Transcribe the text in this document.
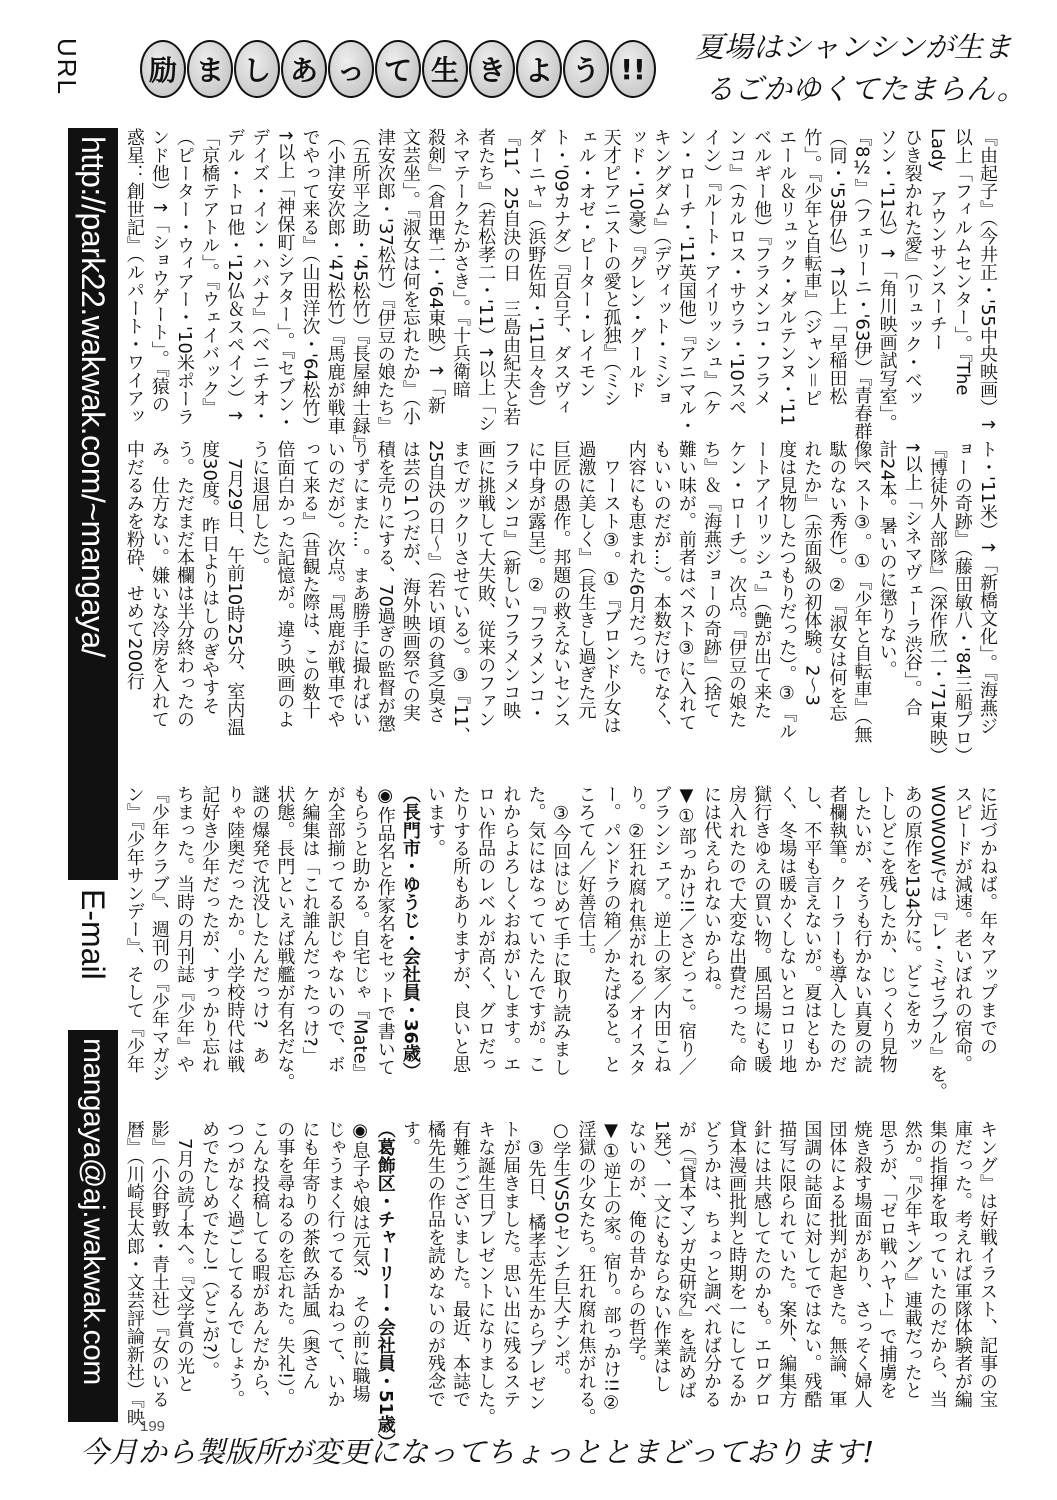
URL
http://park22.wakwak.com/~mangaya/
E-mail
mangaya@aj.wakwak.com
励 ま し あ っ て 生 き よ う !!
夏場はシャンシンが生ま
るごかゆくてたまらん。
『由起子』（今井正・'55中央映画）↑
以上「フィルムセンター」。『The
Lady　アウンサンスーチー
ひき裂かれた愛』（リュック・ベッ
ソン・'11仏）↑「角川映画試写室」。
『8½』（フェリーニ・'63伊）『青春群像』
（同・'53伊仏）↑以上「早稲田松
竹」。『少年と自転車』（ジャン＝ピ
エール＆リュック・ダルテンヌ・'11
ベルギー他）『フラメンコ・フラメ
ンコ』（カルロス・サウラ・'10スペ
イン）『ルート・アイリッシュ』（ケ
ン・ローチ・'11英国他）『アニマル・
キングダム』（デヴィット・ミショ
ッド・'10豪）『グレン・グールド
天才ピアニストの愛と孤独』（ミシ
ェル・オゼ・ピーター・レイモン
ト・'09カナダ）『百合子、ダスヴィ
ダーニャ』（浜野佐知・'11旦々舎）
『11、25自決の日　三島由紀夫と若
者たち』（若松孝二・'11）↑以上「シ
ネマテークたかさき」。『十兵衛暗
殺剣』（倉田準二・'64東映）↑「新
文芸坐」。『淑女は何を忘れたか』（小
津安次郎・'37松竹）『伊豆の娘たち』
（五所平之助・'45松竹）『長屋紳士録』
（小津安次郎・'47松竹）『馬鹿が戦車
でやって来る』（山田洋次・'64松竹）
↑以上「神保町シアター」。『セブン・
デイズ・イン・ハバナ』（ベニチオ・
デル・トロ他・'12仏＆スペイン）↑
「京橋テアトル」。『ウェイバック』
（ピーター・ウィアー・'10米ポーラ
ンド他）↑「ショウゲート」。『猿の
惑星：創世記』（ルパート・ワイアッ
ト・'11米）↑「新橋文化」。『海燕ジ
ョーの奇跡』（藤田敏八・'84三船プロ）
『博徒外人部隊』（深作欣二・'71東映）
↑以上「シネマヴェーラ渋谷」。合
計24本。暑いのに懲りない。
　ベスト③。①『少年と自転車』（無
駄のない秀作）。②『淑女は何を忘
れたか』（赤面級の初体験。2～3
度は見物したつもりだった）。③『ル
ートアイリッシュ』（艶が出て来た
ケン・ローチ）。次点。『伊豆の娘た
ち』＆『海燕ジョーの奇跡』（捨て
難い味が。前者はベスト③に入れて
もいいのだが…）。本数だけでなく、
内容にも恵まれた6月だった。
　ワースト③。①『ブロンド少女は
過激に美しく』（長生きし過ぎた元
巨匠の愚作。邦題の救えないセンス
に中身が露呈）。②『フラメンコ・
フラメンコ』（新しいフラメンコ映
画に挑戦して大失敗、従来のファン
までガックリさせている）。③『11、
25自決の日～』（若い頃の貧乏臭さ
は芸の1つだが、海外映画祭での実
積を売りにする、70過ぎの監督が懲
りずにまた…。まあ勝手に撮ればい
いのだが）。次点。『馬鹿が戦車でや
って来る』（昔観た際は、この数十
倍面白かった記憶が。違う映画のよ
うに退屈した）。
　7月29日、午前10時25分、室内温
度30度。昨日よりはしのぎやすそ
う。ただまだ本欄は半分終わったの
み。仕方ない。嫌いな冷房を入れて
中だるみを粉砕、せめて200行
に近づかねば。年々アップまでの
スピードが減速。老いぼれの宿命。
WOWOWでは『レ・ミゼラブル』を。
あの原作を134分に。どこをカッ
トしどこを残したか、じっくり見物
したいが、そうも行かない真夏の読
者欄執筆。クーラーも導入したのだ
し、不平も言えないが。夏はともか
く、冬場は暖かくしないとコロリ地
獄行きゆえの買い物。風呂場にも暖
房入れたので大変な出費だった。命
には代えられないからね。
▼①部っかけ!!／さどっこ。宿り／
ブランシェア。逆上の家／内田こね
り。②狂れ腐れ焦がれる／オイスタ
ー。パンドラの箱／かたぱると。と
ころてん／好善信士。
　③今回はじめて手に取り読みまし
た。気にはなっていたんですが。こ
れからよろしくおねがいします。エ
ロい作品のレベルが高く、グロだっ
たりする所もありますが、良いと思
います。
（長門市・ゆうじ・会社員・36歳）
◉作品名と作家名をセットで書いて
もらうと助かる。自宅じゃ『Mate』
が全部揃ってる訳じゃないので、ボ
ケ編集は「これ誰んだったっけ?」
状態。長門といえば戦艦が有名だな。
謎の爆発で沈没したんだっけ?　あ
りゃ陸奥だったか。小学校時代は戦
記好き少年だったが、すっかり忘れ
ちまった。当時の月刊誌『少年』や
『少年クラブ』、週刊の『少年マガジ
ン』『少年サンデー』、そして『少年
キング』は好戦イラスト、記事の宝
庫だった。考えれば軍隊体験者が編
集の指揮を取っていたのだから、当
然か。『少年キング』連載だったと
思うが、「ゼロ戦ハヤト」で捕虜を
焼き殺す場面があり、さっそく婦人
団体による批判が起きた。無論、軍
国調の誌面に対してではない。残酷
描写に限られていた。案外、編集方
針には共感してたのかも。エログロ
貸本漫画批判と時期を一にしてるか
どうかは、ちょっと調べれば分かる
が（『貸本マンガ史研究』を読めば
1発）、一文にもならない作業はし
ないのが、俺の昔からの哲学。
▼①逆上の家。宿り。部っかけ!!②
淫獄の少女たち。狂れ腐れ焦がれる。
○学生VS50センチ巨大チンポ。
　③先日、橘孝志先生からプレゼン
トが届きました。思い出に残るステ
キな誕生日プレゼントになりました。
有難うございました。最近、本誌で
橘先生の作品を読めないのが残念で
す。
（葛飾区・チャーリー・会社員・51歳）
◉息子や娘は元気?　その前に職場
じゃうまく行ってるかねって、いか
にも年寄りの茶飲み話風（奥さん
の事を尋ねるのを忘れた。失礼!）。
こんな投稿してる暇があんだから、
つつがなく過ごしてるんでしょう。
めでたしめでたし!（どこが?）。
　7月の読了本へ。『文学賞の光と
影』（小谷野敦・青土社）『女のいる
暦』（川崎長太郎・文芸評論新社）『映
199
今月から製版所が変更になってちょっととまどっております!
